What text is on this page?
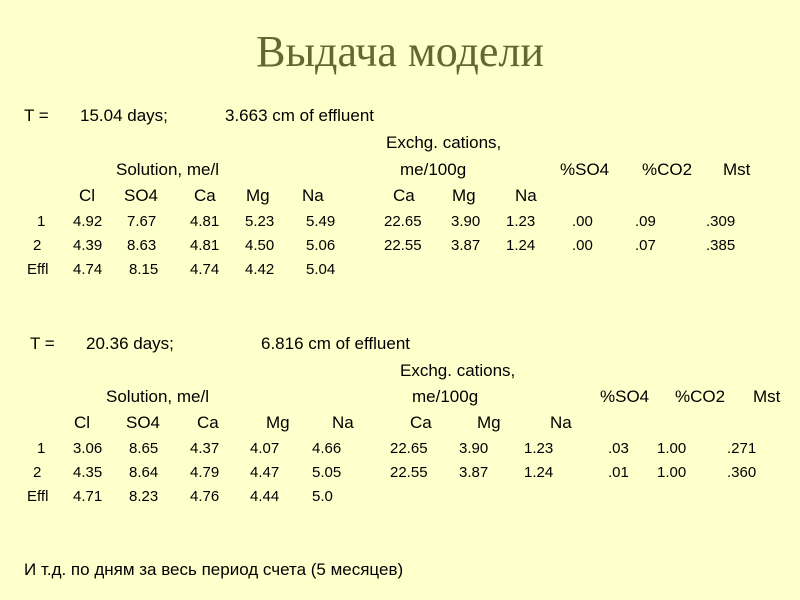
Выдача модели
T = 15.04 days;	3.663 cm of effluent
Exchg. cations,
Solution, me/l	me/100g	%SO4 %CO2 Mst
Cl SO4 Ca Mg Na	Ca Mg Na
1 4.92 7.67 4.81 5.23 5.49	22.65 3.90 1.23 .00	.09	.309
2 4.39 8.63 4.81 4.50 5.06	22.55 3.87 1.24 .00	.07	.385
Effl 4.74 8.15 4.74 4.42 5.04
T = 20.36 days;	6.816 cm of effluent
Exchg. cations,
Solution, me/l	me/100g	%SO4 %CO2 Mst
Cl SO4 Ca	Mg Na	Ca	Mg	Na
1 3.06 8.65 4.37 4.07 4.66	22.65 3.90 1.23	.03 1.00	.271
2 4.35 8.64 4.79 4.47 5.05	22.55 3.87 1.24	.01 1.00	.360
Effl 4.71 8.23 4.76 4.44 5.0
И т.д. по дням за весь период счета (5 месяцев)
